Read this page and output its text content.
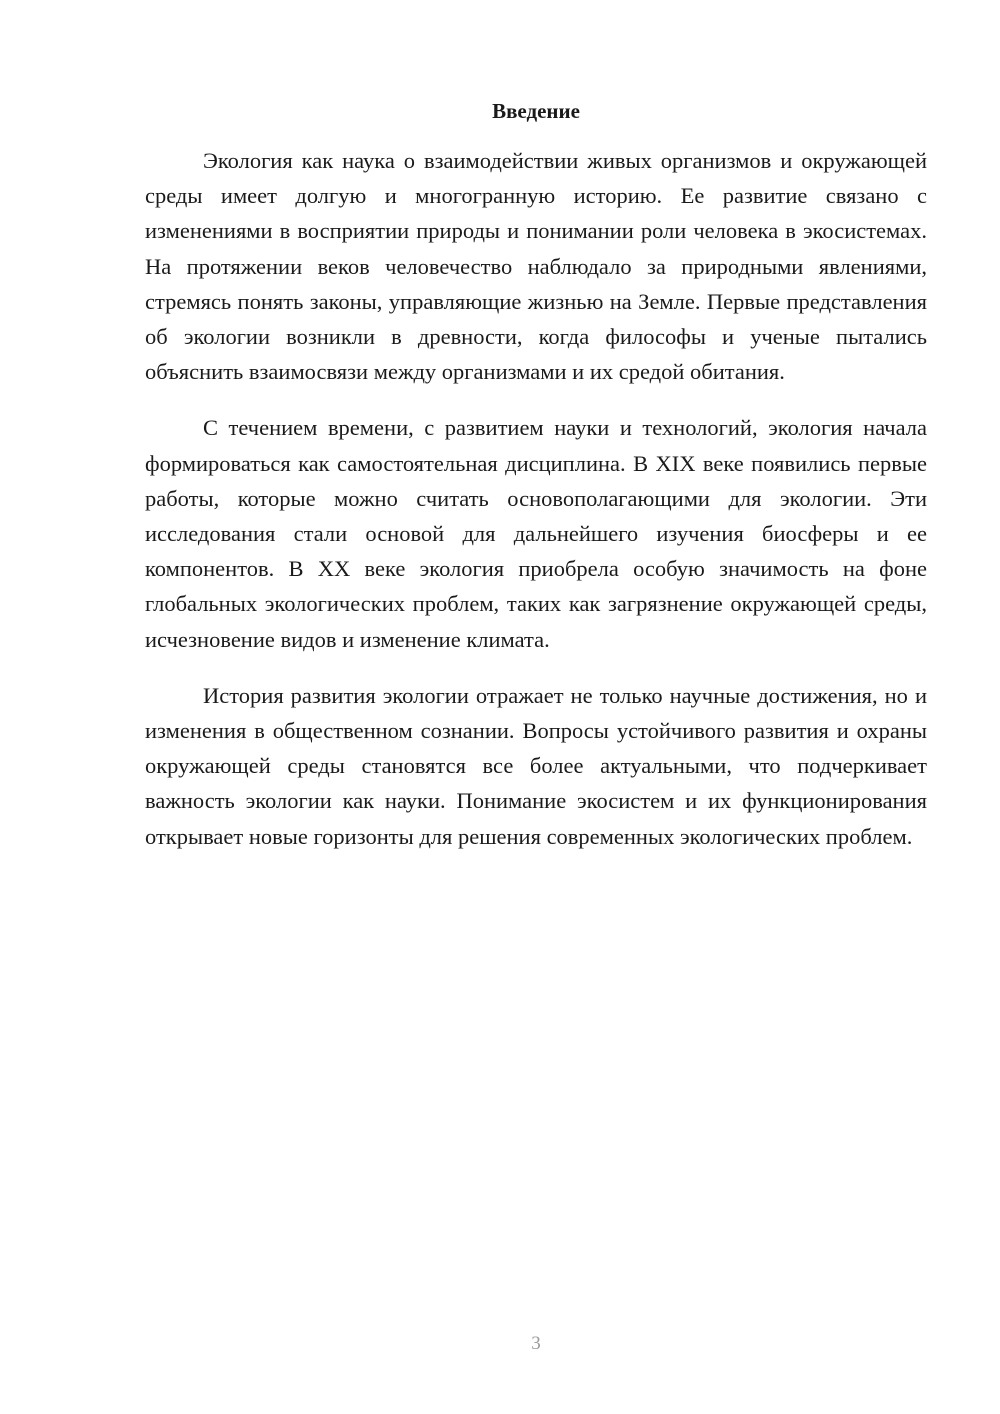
Введение

Экология как наука о взаимодействии живых организмов и окружающей среды имеет долгую и многогранную историю. Ее развитие связано с изменениями в восприятии природы и понимании роли человека в экосистемах. На протяжении веков человечество наблюдало за природными явлениями, стремясь понять законы, управляющие жизнью на Земле. Первые представления об экологии возникли в древности, когда философы и ученые пытались объяснить взаимосвязи между организмами и их средой обитания.

С течением времени, с развитием науки и технологий, экология начала формироваться как самостоятельная дисциплина. В XIX веке появились первые работы, которые можно считать основополагающими для экологии. Эти исследования стали основой для дальнейшего изучения биосферы и ее компонентов. В XX веке экология приобрела особую значимость на фоне глобальных экологических проблем, таких как загрязнение окружающей среды, исчезновение видов и изменение климата.

История развития экологии отражает не только научные достижения, но и изменения в общественном сознании. Вопросы устойчивого развития и охраны окружающей среды становятся все более актуальными, что подчеркивает важность экологии как науки. Понимание экосистем и их функционирования открывает новые горизонты для решения современных экологических проблем.

3
